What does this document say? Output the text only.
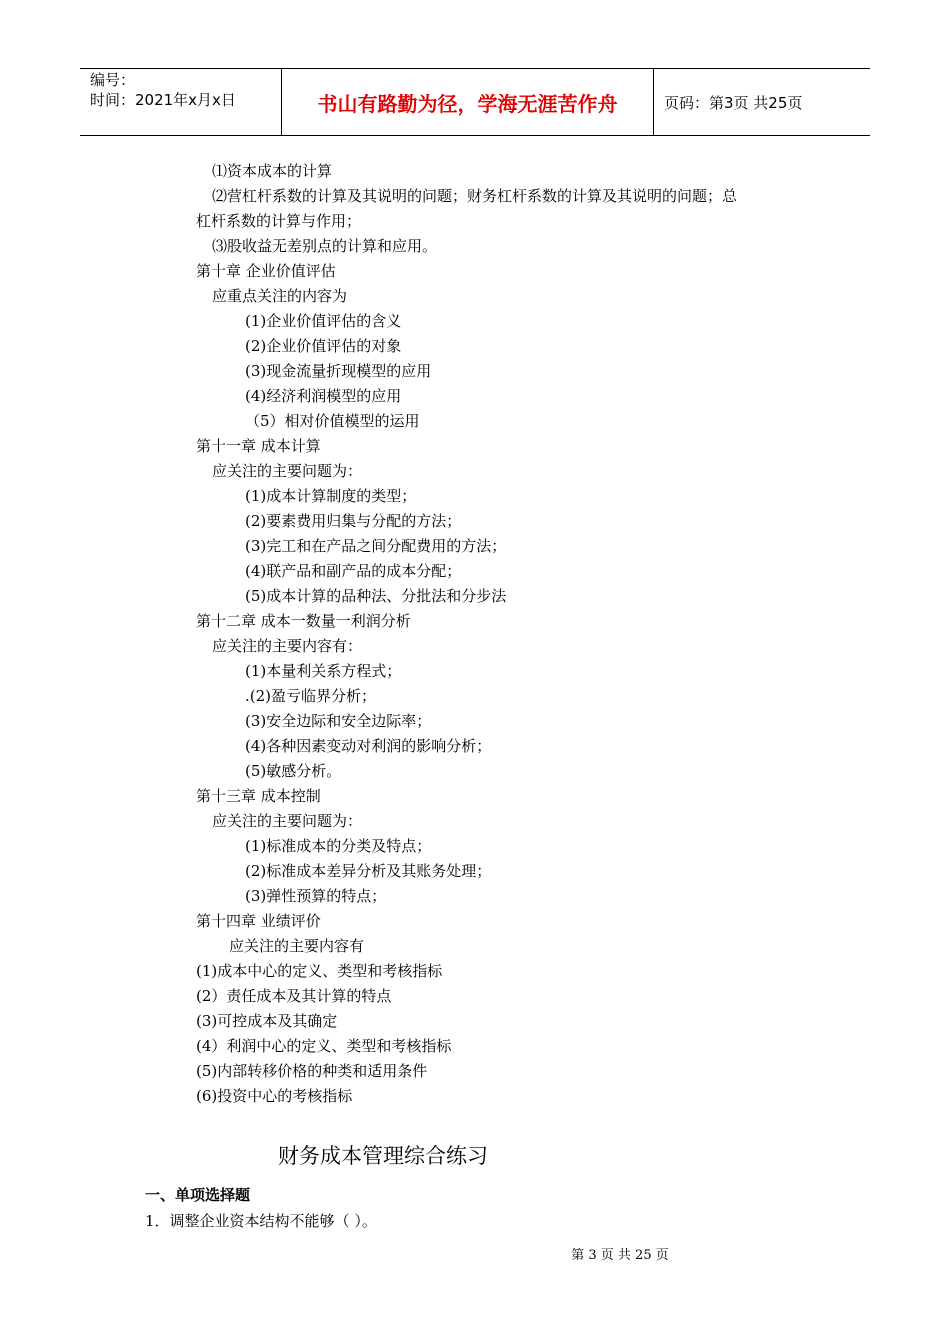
编号：
时间：2021年x月x日	书山有路勤为径，学海无涯苦作舟	页码：第3页 共25页
⑴资本成本的计算
⑵营杠杆系数的计算及其说明的问题；财务杠杆系数的计算及其说明的问题；总
杠杆系数的计算与作用；
⑶股收益无差别点的计算和应用。
第十章 企业价值评估
应重点关注的内容为
(1)企业价值评估的含义
(2)企业价值评估的对象
(3)现金流量折现模型的应用
(4)经济利润模型的应用
（5）相对价值模型的运用
第十一章 成本计算
应关注的主要问题为：
(1)成本计算制度的类型；
(2)要素费用归集与分配的方法；
(3)完工和在产品之间分配费用的方法；
(4)联产品和副产品的成本分配；
(5)成本计算的品种法、分批法和分步法
第十二章 成本一数量一利润分析
应关注的主要内容有：
(1)本量利关系方程式；
.(2)盈亏临界分析；
(3)安全边际和安全边际率；
(4)各种因素变动对利润的影响分析；
(5)敏感分析。
第十三章 成本控制
应关注的主要问题为：
(1)标准成本的分类及特点；
(2)标准成本差异分析及其账务处理；
(3)弹性预算的特点；
第十四章 业绩评价
应关注的主要内容有
(1)成本中心的定义、类型和考核指标
(2）责任成本及其计算的特点
(3)可控成本及其确定
(4）利润中心的定义、类型和考核指标
(5)内部转移价格的种类和适用条件
(6)投资中心的考核指标
财务成本管理综合练习
一、单项选择题
1．调整企业资本结构不能够（ ）。
第 3 页 共 25 页
